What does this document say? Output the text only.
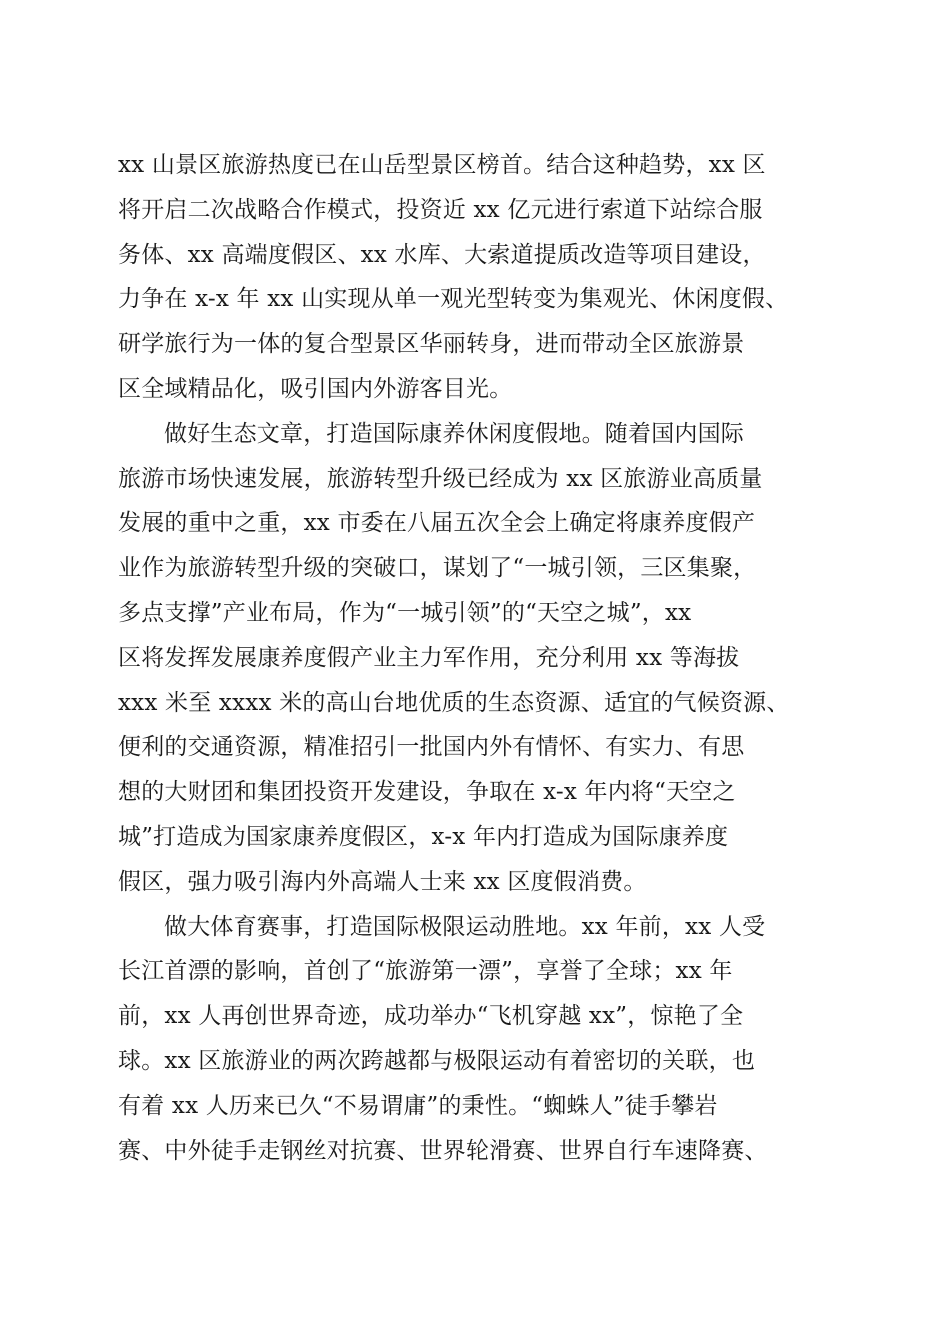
xx 山景区旅游热度已在山岳型景区榜首。结合这种趋势，xx 区
将开启二次战略合作模式，投资近 xx 亿元进行索道下站综合服
务体、xx 高端度假区、xx 水库、大索道提质改造等项目建设，
力争在 x-x 年 xx 山实现从单一观光型转变为集观光、休闲度假、
研学旅行为一体的复合型景区华丽转身，进而带动全区旅游景
区全域精品化，吸引国内外游客目光。
做好生态文章，打造国际康养休闲度假地。随着国内国际
旅游市场快速发展，旅游转型升级已经成为 xx 区旅游业高质量
发展的重中之重，xx 市委在八届五次全会上确定将康养度假产
业作为旅游转型升级的突破口，谋划了“一城引领，三区集聚，
多点支撑”产业布局，作为“一城引领”的“天空之城”，xx
区将发挥发展康养度假产业主力军作用，充分利用 xx 等海拔
xxx 米至 xxxx 米的高山台地优质的生态资源、适宜的气候资源、
便利的交通资源，精准招引一批国内外有情怀、有实力、有思
想的大财团和集团投资开发建设，争取在 x-x 年内将“天空之
城”打造成为国家康养度假区，x-x 年内打造成为国际康养度
假区，强力吸引海内外高端人士来 xx 区度假消费。
做大体育赛事，打造国际极限运动胜地。xx 年前，xx 人受
长江首漂的影响，首创了“旅游第一漂”，享誉了全球；xx 年
前，xx 人再创世界奇迹，成功举办“飞机穿越 xx”，惊艳了全
球。xx 区旅游业的两次跨越都与极限运动有着密切的关联，也
有着 xx 人历来已久“不易谓庸”的秉性。“蜘蛛人”徒手攀岩
赛、中外徒手走钢丝对抗赛、世界轮滑赛、世界自行车速降赛、
